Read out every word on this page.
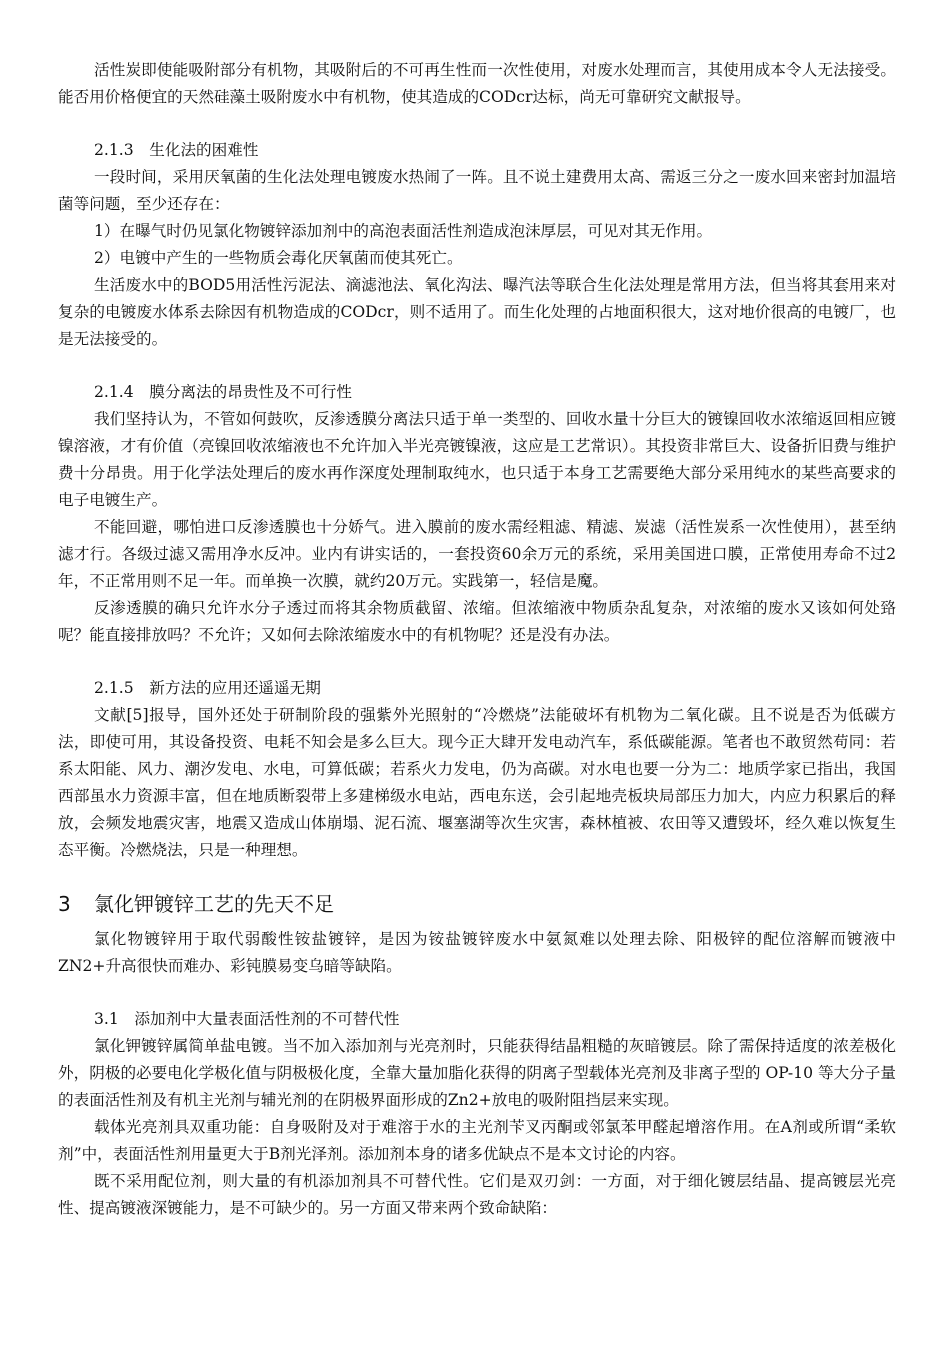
活性炭即使能吸附部分有机物，其吸附后的不可再生性而一次性使用，对废水处理而言，其使用成本令人无法接受。能否用价格便宜的天然硅藻土吸附废水中有机物，使其造成的CODcr达标，尚无可靠研究文献报导。

2.1.3　生化法的困难性

一段时间，采用厌氧菌的生化法处理电镀废水热闹了一阵。且不说土建费用太高、需返三分之一废水回来密封加温培菌等问题，至少还存在：

1）在曝气时仍见氯化物镀锌添加剂中的高泡表面活性剂造成泡沫厚层，可见对其无作用。

2）电镀中产生的一些物质会毒化厌氧菌而使其死亡。

生活废水中的BOD5用活性污泥法、滴滤池法、氧化沟法、曝汽法等联合生化法处理是常用方法，但当将其套用来对复杂的电镀废水体系去除因有机物造成的CODcr，则不适用了。而生化处理的占地面积很大，这对地价很高的电镀厂，也是无法接受的。

2.1.4　膜分离法的昂贵性及不可行性

我们坚持认为，不管如何鼓吹，反渗透膜分离法只适于单一类型的、回收水量十分巨大的镀镍回收水浓缩返回相应镀镍溶液，才有价值（亮镍回收浓缩液也不允许加入半光亮镀镍液，这应是工艺常识）。其投资非常巨大、设备折旧费与维护费十分昂贵。用于化学法处理后的废水再作深度处理制取纯水，也只适于本身工艺需要绝大部分采用纯水的某些高要求的电子电镀生产。

不能回避，哪怕进口反渗透膜也十分娇气。进入膜前的废水需经粗滤、精滤、炭滤（活性炭系一次性使用），甚至纳滤才行。各级过滤又需用净水反冲。业内有讲实话的，一套投资60余万元的系统，采用美国进口膜，正常使用寿命不过2年，不正常用则不足一年。而单换一次膜，就约20万元。实践第一，轻信是魔。

反渗透膜的确只允许水分子透过而将其余物质截留、浓缩。但浓缩液中物质杂乱复杂，对浓缩的废水又该如何处臵呢？能直接排放吗？不允许；又如何去除浓缩废水中的有机物呢？还是没有办法。

2.1.5　新方法的应用还遥遥无期

文献[5]报导，国外还处于研制阶段的强紫外光照射的“冷燃烧”法能破坏有机物为二氧化碳。且不说是否为低碳方法，即使可用，其设备投资、电耗不知会是多么巨大。现今正大肆开发电动汽车，系低碳能源。笔者也不敢贸然苟同：若系太阳能、风力、潮汐发电、水电，可算低碳；若系火力发电，仍为高碳。对水电也要一分为二：地质学家已指出，我国西部虽水力资源丰富，但在地质断裂带上多建梯级水电站，西电东送，会引起地壳板块局部压力加大，内应力积累后的释放，会频发地震灾害，地震又造成山体崩塌、泥石流、堰塞湖等次生灾害，森林植被、农田等又遭毁坏，经久难以恢复生态平衡。冷燃烧法，只是一种理想。

3 氯化钾镀锌工艺的先天不足

氯化物镀锌用于取代弱酸性铵盐镀锌，是因为铵盐镀锌废水中氨氮难以处理去除、阳极锌的配位溶解而镀液中ZN2+升高很快而难办、彩钝膜易变乌暗等缺陷。

3.1　添加剂中大量表面活性剂的不可替代性

氯化钾镀锌属简单盐电镀。当不加入添加剂与光亮剂时，只能获得结晶粗糙的灰暗镀层。除了需保持适度的浓差极化外，阴极的必要电化学极化值与阴极极化度，全靠大量加脂化获得的阴离子型载体光亮剂及非离子型的 OP-10 等大分子量的表面活性剂及有机主光剂与辅光剂的在阴极界面形成的Zn2+放电的吸附阻挡层来实现。

载体光亮剂具双重功能：自身吸附及对于难溶于水的主光剂苄叉丙酮或邻氯苯甲醛起增溶作用。在A剂或所谓“柔软剂”中，表面活性剂用量更大于B剂光泽剂。添加剂本身的诸多优缺点不是本文讨论的内容。

既不采用配位剂，则大量的有机添加剂具不可替代性。它们是双刃剑：一方面，对于细化镀层结晶、提高镀层光亮性、提高镀液深镀能力，是不可缺少的。另一方面又带来两个致命缺陷：
